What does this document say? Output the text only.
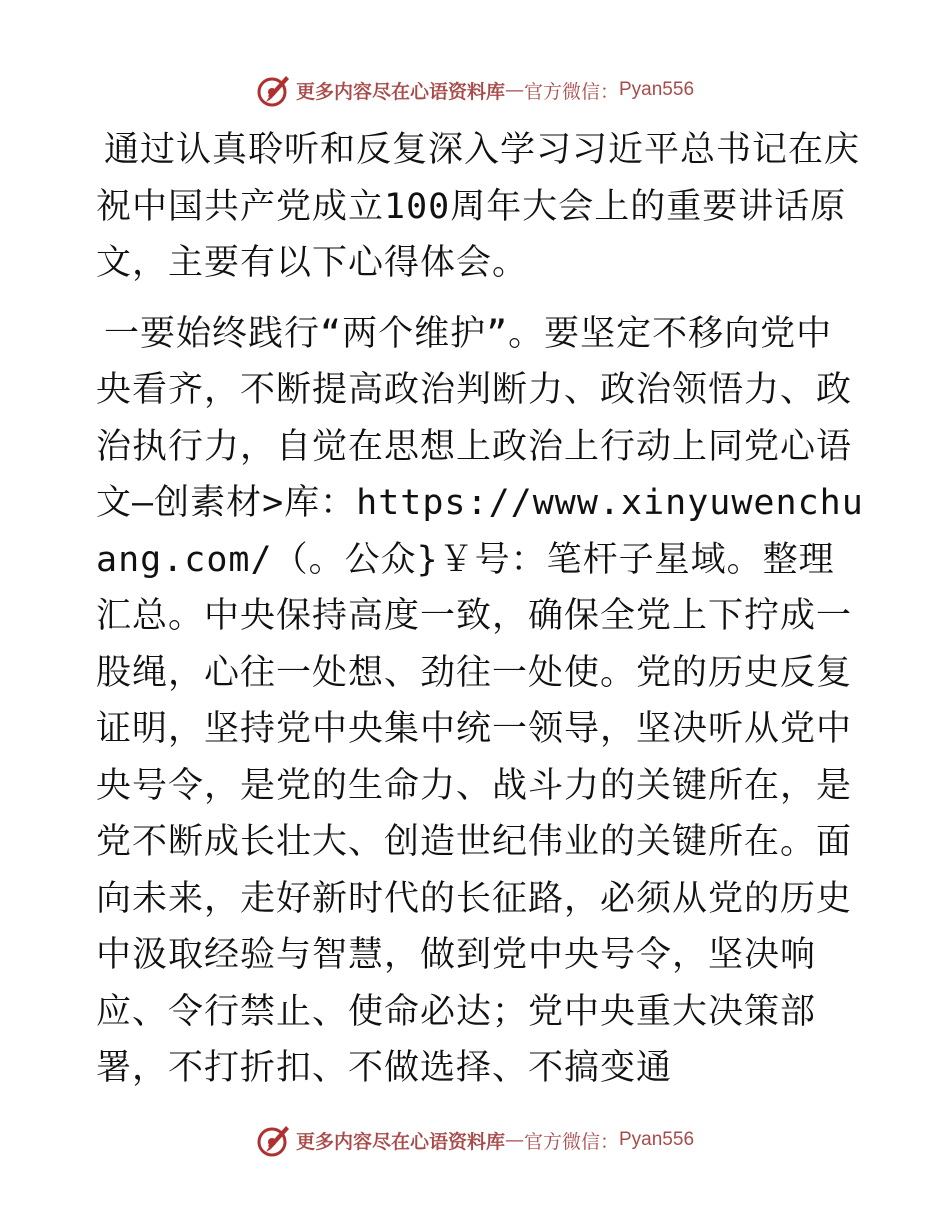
更多内容尽在心语资料库 — 官方微信： Pyan556

通过认真聆听和反复深入学习习近平总书记在庆祝中国共产党成立100周年大会上的重要讲话原文，主要有以下心得体会。

一要始终践行“两个维护”。要坚定不移向党中央看齐，不断提高政治判断力、政治领悟力、政治执行力，自觉在思想上政治上行动上同党心语文—创素材>库：https://www.xinyuwenchuang.com/（。公众}￥号：笔杆子星域。整理汇总。中央保持高度一致，确保全党上下拧成一股绳，心往一处想、劲往一处使。党的历史反复证明，坚持党中央集中统一领导，坚决听从党中央号令，是党的生命力、战斗力的关键所在，是党不断成长壮大、创造世纪伟业的关键所在。面向未来，走好新时代的长征路，必须从党的历史中汲取经验与智慧，做到党中央号令，坚决响应、令行禁止、使命必达；党中央重大决策部署，不打折扣、不做选择、不搞变通

更多内容尽在心语资料库 — 官方微信： Pyan556
